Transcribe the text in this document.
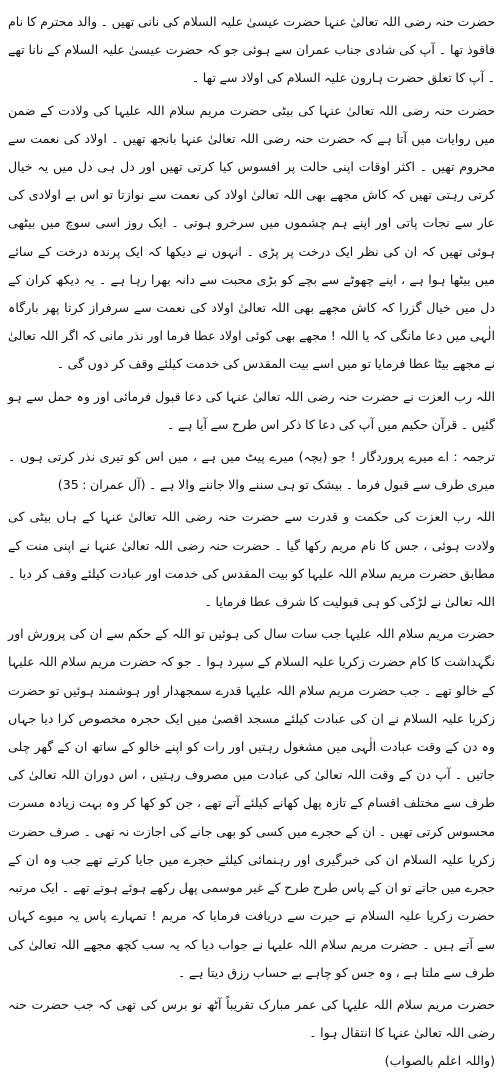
حضرت حنہ رضی اللہ تعالیٰ عنہا حضرت عیسیٰ علیہ السلام کی نانی تھیں ۔ والد محترم کا نام فاقوذ تھا ۔ آپ کی شادی جناب عمران سے ہوئی جو کہ حضرت عیسیٰ علیہ السلام کے نانا تھے ۔ آپ کا تعلق حضرت ہارون علیہ السلام کی اولاد سے تھا ۔

حضرت حنہ رضی اللہ تعالیٰ عنہا کی بیٹی حضرت مریم سلام اللہ علیہا کی ولادت کے ضمن میں روایات میں آتا ہے کہ حضرت حنہ رضی اللہ تعالیٰ عنہا بانجھ تھیں ۔ اولاد کی نعمت سے محروم تھیں ۔ اکثر اوقات اپنی حالت پر افسوس کیا کرتی تھیں اور دل ہی دل میں یہ خیال کرتی رہتی تھیں کہ کاش مجھے بھی اللہ تعالیٰ اولاد کی نعمت سے نوازتا تو اس بے اولادی کی عار سے نجات پاتی اور اپنے ہم چشموں میں سرخرو ہوتی ۔ ایک روز اسی سوچ میں بیٹھی ہوئی تھیں کہ ان کی نظر ایک درخت پر پڑی ۔ انہوں نے دیکھا کہ ایک پرندہ درخت کے سائے میں بیٹھا ہوا ہے ، اپنے چھوٹے سے بچے کو بڑی محبت سے دانہ بھرا رہا ہے ۔ یہ دیکھ کران کے دل میں خیال گزرا کہ کاش مجھے بھی اللہ تعالیٰ اولاد کی نعمت سے سرفراز کرتا پھر بارگاہ الٰہی میں دعا مانگی کہ یا اللہ ! مجھے بھی کوئی اولاد عطا فرما اور نذر مانی کہ اگر اللہ تعالیٰ نے مجھے بیٹا عطا فرمایا تو میں اسے بیت المقدس کی خدمت کیلئے وقف کر دوں گی ۔

اللہ رب العزت نے حضرت حنہ رضی اللہ تعالیٰ عنہا کی دعا قبول فرمائی اور وہ حمل سے ہو گئیں ۔ قرآن حکیم میں آپ کی دعا کا ذکر اس طرح سے آیا ہے ۔

ترجمہ : اے میرے پروردگار ! جو (بچہ) میرے پیٹ میں ہے ، میں اس کو تیری نذر کرتی ہوں ۔ میری طرف سے قبول فرما ۔ بیشک تو ہی سننے والا جاننے والا ہے ۔ (آل عمران : 35)

اللہ رب العزت کی حکمت و قدرت سے حضرت حنہ رضی اللہ تعالیٰ عنہا کے ہاں بیٹی کی ولادت ہوئی ، جس کا نام مریم رکھا گیا ۔ حضرت حنہ رضی اللہ تعالیٰ عنہا نے اپنی منت کے مطابق حضرت مریم سلام اللہ علیہا کو بیت المقدس کی خدمت اور عبادت کیلئے وقف کر دیا ۔ اللہ تعالیٰ نے لڑکی کو ہی قبولیت کا شرف عطا فرمایا ۔

حضرت مریم سلام اللہ علیہا جب سات سال کی ہوئیں تو اللہ کے حکم سے ان کی پرورش اور نگہداشت کا کام حضرت زکریا علیہ السلام کے سپرد ہوا ۔ جو کہ حضرت مریم سلام اللہ علیہا کے خالو تھے ۔ جب حضرت مریم سلام اللہ علیہا قدرے سمجھدار اور ہوشمند ہوئیں تو حضرت زکریا علیہ السلام نے ان کی عبادت کیلئے مسجد اقصیٰ میں ایک حجرہ مخصوص کرا دیا جہاں وہ دن کے وقت عبادت الٰہی میں مشغول رہتیں اور رات کو اپنے خالو کے ساتھ ان کے گھر چلی جاتیں ۔ آپ دن کے وقت اللہ تعالیٰ کی عبادت میں مصروف رہتیں ، اس دوران اللہ تعالیٰ کی طرف سے مختلف اقسام کے تازہ پھل کھانے کیلئے آتے تھے ، جن کو کھا کر وہ بہت زیادہ مسرت محسوس کرتی تھیں ۔ ان کے حجرے میں کسی کو بھی جانے کی اجازت نہ تھی ۔ صرف حضرت زکریا علیہ السلام ان کی خبرگیری اور رہنمائی کیلئے حجرے میں جایا کرتے تھے جب وہ ان کے حجرے میں جاتے تو ان کے پاس طرح طرح کے غیر موسمی پھل رکھے ہوئے ہوتے تھے ۔ ایک مرتبہ حضرت زکریا علیہ السلام نے حیرت سے دریافت فرمایا کہ مریم ! تمہارے پاس یہ میوے کہاں سے آتے ہیں ۔ حضرت مریم سلام اللہ علیہا نے جواب دیا کہ یہ سب کچھ مجھے اللہ تعالیٰ کی طرف سے ملتا ہے ، وہ جس کو چاہے بے حساب رزق دیتا ہے ۔

حضرت مریم سلام اللہ علیہا کی عمر مبارک تقریباً آٹھ نو برس کی تھی کہ جب حضرت حنہ رضی اللہ تعالیٰ عنہا کا انتقال ہوا ۔

(واللہ اعلم بالصواب)
